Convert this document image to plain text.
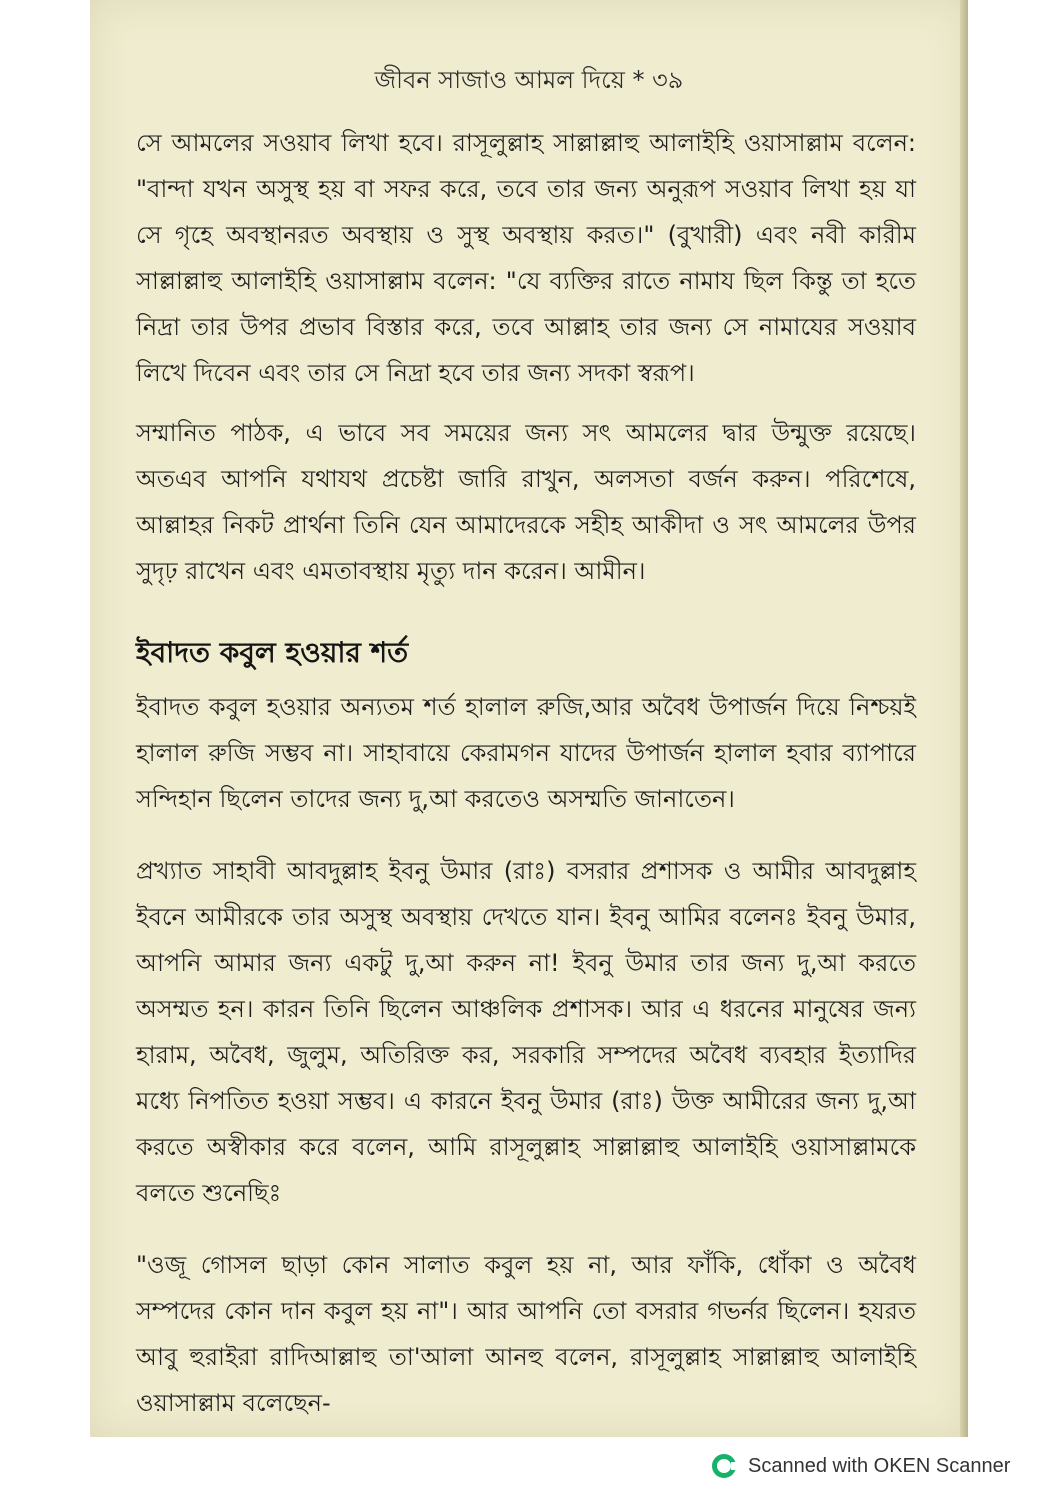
জীবন সাজাও আমল দিয়ে * ৩৯

সে আমলের সওয়াব লিখা হবে। রাসূলুল্লাহ সাল্লাল্লাহু আলাইহি ওয়াসাল্লাম বলেন: "বান্দা যখন অসুস্থ হয় বা সফর করে, তবে তার জন্য অনুরূপ সওয়াব লিখা হয় যা সে গৃহে অবস্থানরত অবস্থায় ও সুস্থ অবস্থায় করত।" (বুখারী) এবং নবী কারীম সাল্লাল্লাহু আলাইহি ওয়াসাল্লাম বলেন: "যে ব্যক্তির রাতে নামায ছিল কিন্তু তা হতে নিদ্রা তার উপর প্রভাব বিস্তার করে, তবে আল্লাহ তার জন্য সে নামাযের সওয়াব লিখে দিবেন এবং তার সে নিদ্রা হবে তার জন্য সদকা স্বরূপ।

সম্মানিত পাঠক, এ ভাবে সব সময়ের জন্য সৎ আমলের দ্বার উন্মুক্ত রয়েছে। অতএব আপনি যথাযথ প্রচেষ্টা জারি রাখুন, অলসতা বর্জন করুন। পরিশেষে, আল্লাহর নিকট প্রার্থনা তিনি যেন আমাদেরকে সহীহ আকীদা ও সৎ আমলের উপর সুদৃঢ় রাখেন এবং এমতাবস্থায় মৃত্যু দান করেন। আমীন।

ইবাদত কবুল হওয়ার শর্ত

ইবাদত কবুল হওয়ার অন্যতম শর্ত হালাল রুজি,আর অবৈধ উপার্জন দিয়ে নিশ্চয়ই হালাল রুজি সম্ভব না। সাহাবায়ে কেরামগন যাদের উপার্জন হালাল হবার ব্যাপারে সন্দিহান ছিলেন তাদের জন্য দু,আ করতেও অসম্মতি জানাতেন।

প্রখ্যাত সাহাবী আবদুল্লাহ ইবনু উমার (রাঃ) বসরার প্রশাসক ও আমীর আবদুল্লাহ ইবনে আমীরকে তার অসুস্থ অবস্থায় দেখতে যান। ইবনু আমির বলেনঃ ইবনু উমার, আপনি আমার জন্য একটু দু,আ করুন না! ইবনু উমার তার জন্য দু,আ করতে অসম্মত হন। কারন তিনি ছিলেন আঞ্চলিক প্রশাসক। আর এ ধরনের মানুষের জন্য হারাম, অবৈধ, জুলুম, অতিরিক্ত কর, সরকারি সম্পদের অবৈধ ব্যবহার ইত্যাদির মধ্যে নিপতিত হওয়া সম্ভব। এ কারনে ইবনু উমার (রাঃ) উক্ত আমীরের জন্য দু,আ করতে অস্বীকার করে বলেন, আমি রাসূলুল্লাহ সাল্লাল্লাহু আলাইহি ওয়াসাল্লামকে বলতে শুনেছিঃ

"ওজূ গোসল ছাড়া কোন সালাত কবুল হয় না, আর ফাঁকি, ধোঁকা ও অবৈধ সম্পদের কোন দান কবুল হয় না"। আর আপনি তো বসরার গভর্নর ছিলেন। হযরত আবু হুরাইরা রাদিআল্লাহু তা'আলা আনহু বলেন, রাসূলুল্লাহ সাল্লাল্লাহু আলাইহি ওয়াসাল্লাম বলেছেন-

Scanned with OKEN Scanner
